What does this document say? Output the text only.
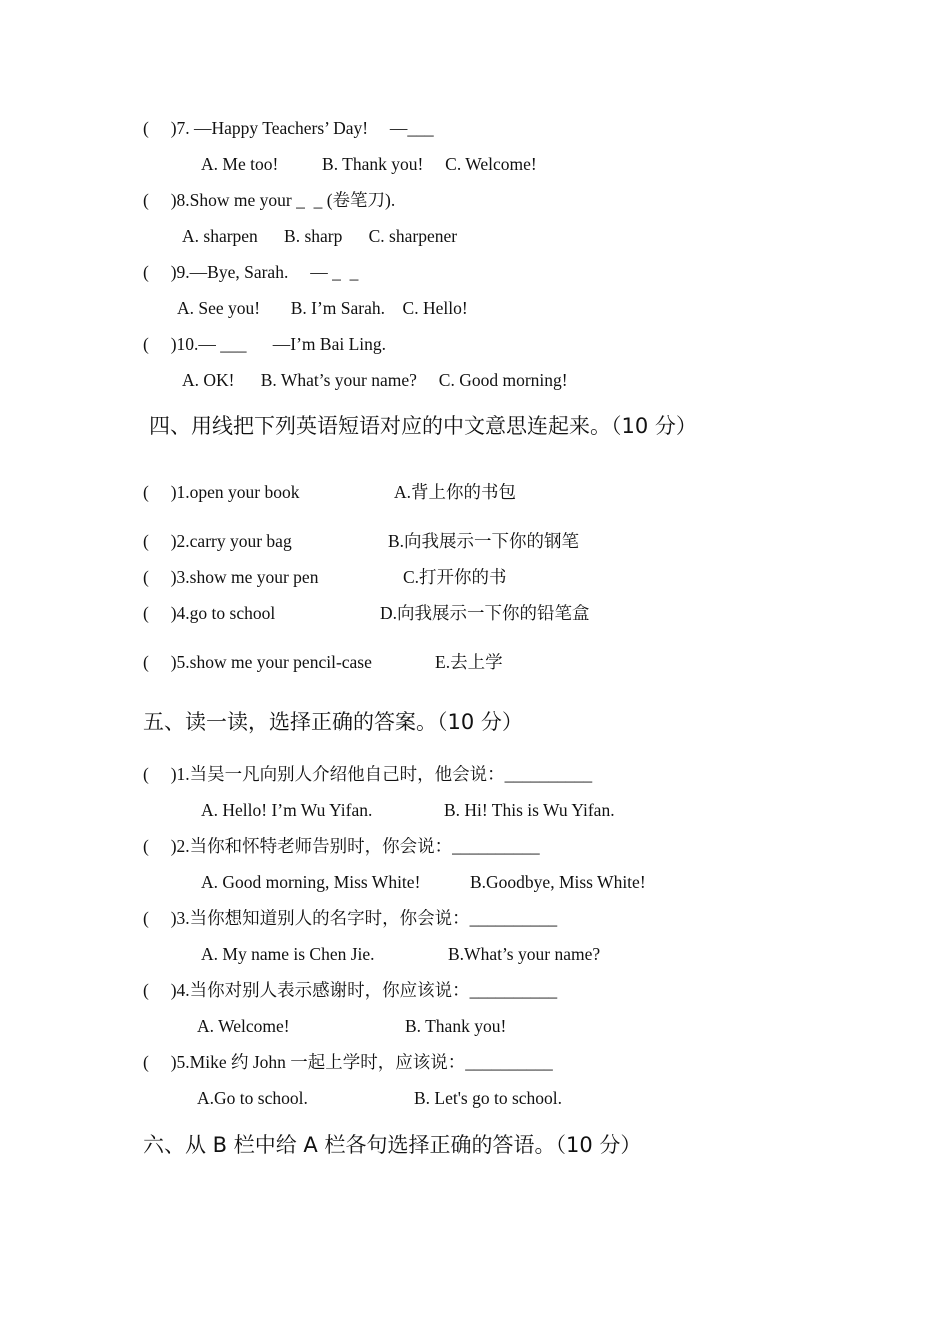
(     )7. —Happy Teachers’ Day!     —___
A. Me too!          B. Thank you!     C. Welcome!
(     )8.Show me your _  _ (卷笔刀).
A. sharpen      B. sharp      C. sharpener
(     )9.—Bye, Sarah.     — _  _
A. See you!       B. I’m Sarah.    C. Hello!
(     )10.— ___      —I’m Bai Ling.
A. OK!      B. What’s your name?     C. Good morning!
四、用线把下列英语短语对应的中文意思连起来。（10 分）
(     )1.open your book	A.背上你的书包
(     )2.carry your bag	B.向我展示一下你的钢笔
(     )3.show me your pen	C.打开你的书
(     )4.go to school	D.向我展示一下你的铅笔盒
(     )5.show me your pencil-case	E.去上学
五、读一读，选择正确的答案。（10 分）
(     )1.当吴一凡向别人介绍他自己时，他会说：__________
A. Hello! I’m Wu Yifan.	B. Hi! This is Wu Yifan.
(     )2.当你和怀特老师告别时，你会说：__________
A. Good morning, Miss White!	B.Goodbye, Miss White!
(     )3.当你想知道别人的名字时，你会说：__________
A. My name is Chen Jie.	B.What’s your name?
(     )4.当你对别人表示感谢时，你应该说：__________
A. Welcome!	B. Thank you!
(     )5.Mike 约 John 一起上学时，应该说：__________
A.Go to school.	B. Let's go to school.
六、从 B 栏中给 A 栏各句选择正确的答语。（10 分）
